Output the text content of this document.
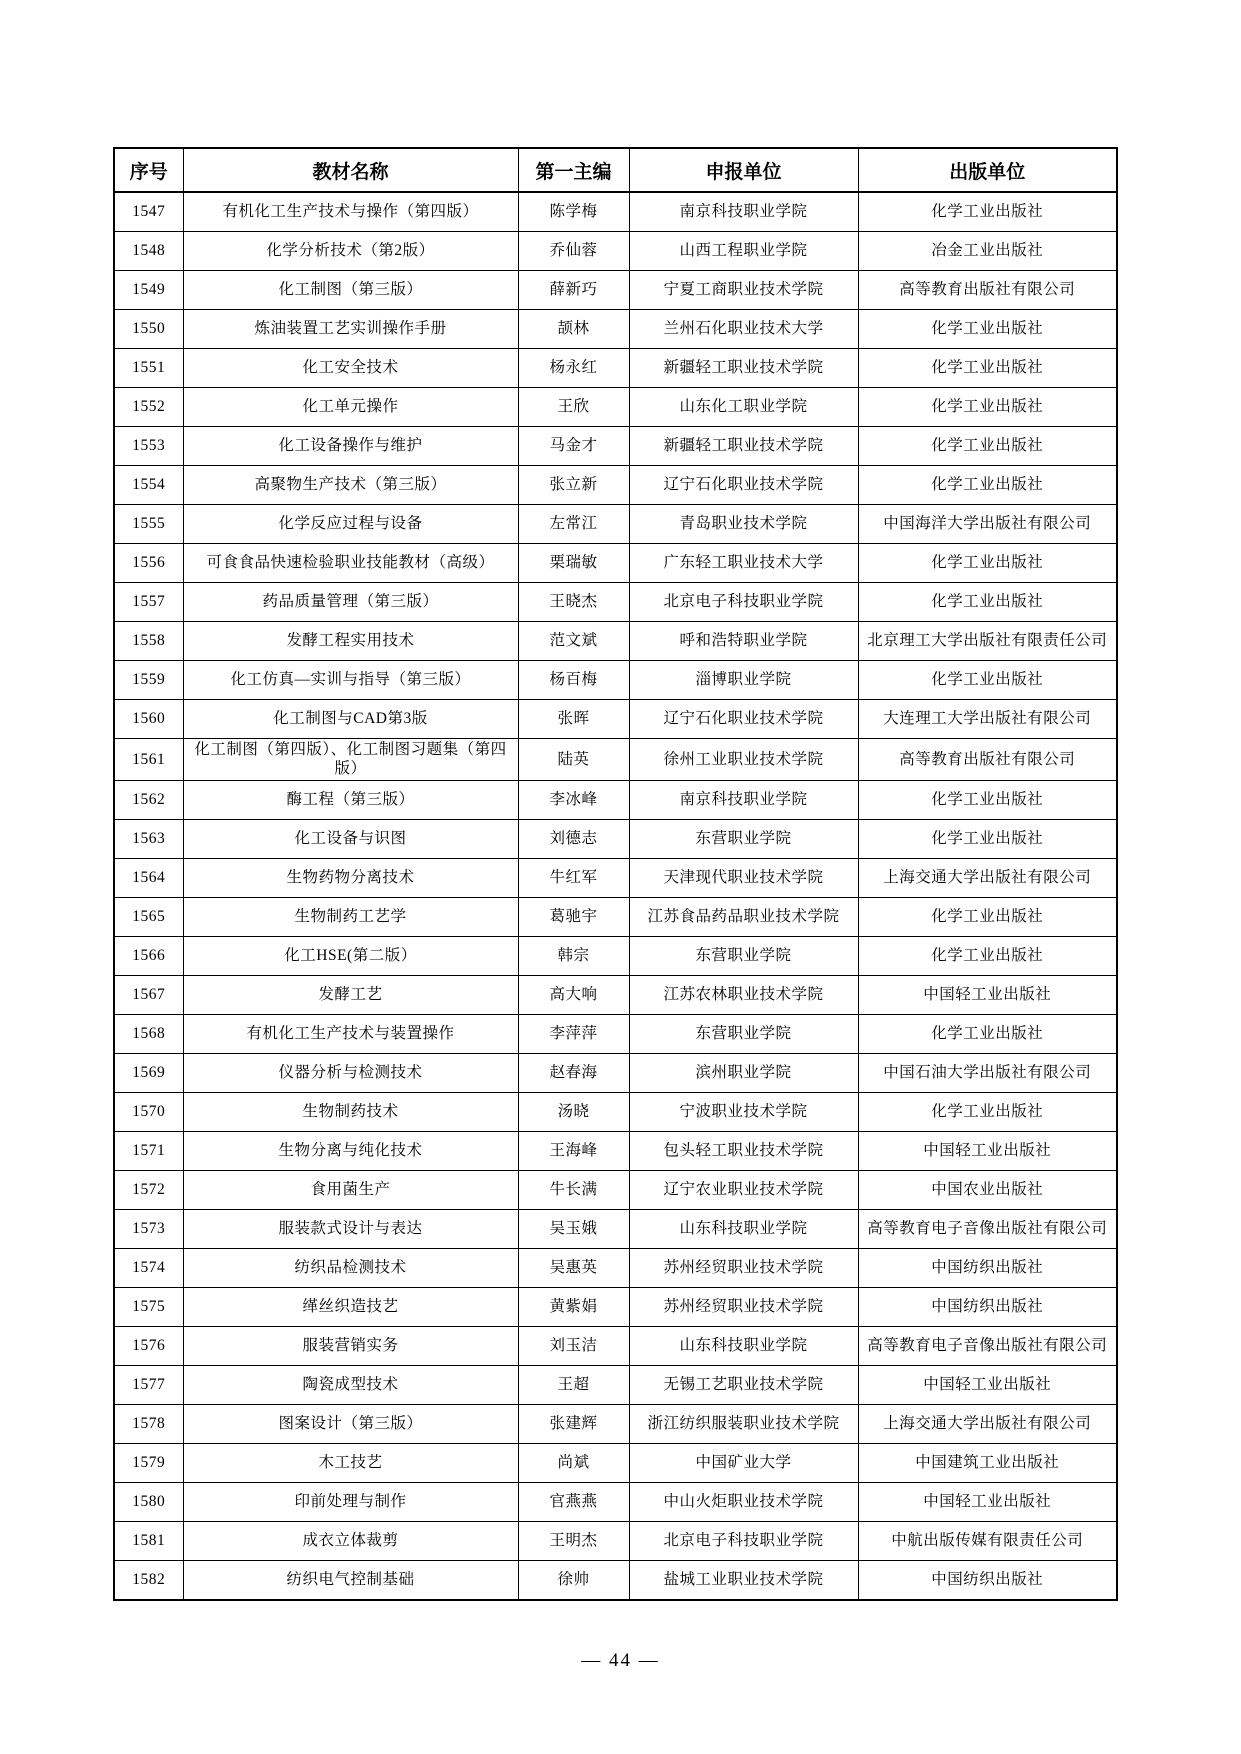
序号	教材名称	第一主编	申报单位	出版单位
1547	有机化工生产技术与操作（第四版）	陈学梅	南京科技职业学院	化学工业出版社
1548	化学分析技术（第2版）	乔仙蓉	山西工程职业学院	冶金工业出版社
1549	化工制图（第三版）	薛新巧	宁夏工商职业技术学院	高等教育出版社有限公司
1550	炼油装置工艺实训操作手册	颉林	兰州石化职业技术大学	化学工业出版社
1551	化工安全技术	杨永红	新疆轻工职业技术学院	化学工业出版社
1552	化工单元操作	王欣	山东化工职业学院	化学工业出版社
1553	化工设备操作与维护	马金才	新疆轻工职业技术学院	化学工业出版社
1554	高聚物生产技术（第三版）	张立新	辽宁石化职业技术学院	化学工业出版社
1555	化学反应过程与设备	左常江	青岛职业技术学院	中国海洋大学出版社有限公司
1556	可食食品快速检验职业技能教材（高级）	栗瑞敏	广东轻工职业技术大学	化学工业出版社
1557	药品质量管理（第三版）	王晓杰	北京电子科技职业学院	化学工业出版社
1558	发酵工程实用技术	范文斌	呼和浩特职业学院	北京理工大学出版社有限责任公司
1559	化工仿真—实训与指导（第三版）	杨百梅	淄博职业学院	化学工业出版社
1560	化工制图与CAD第3版	张晖	辽宁石化职业技术学院	大连理工大学出版社有限公司
1561	化工制图（第四版）、化工制图习题集（第四版）	陆英	徐州工业职业技术学院	高等教育出版社有限公司
1562	酶工程（第三版）	李冰峰	南京科技职业学院	化学工业出版社
1563	化工设备与识图	刘德志	东营职业学院	化学工业出版社
1564	生物药物分离技术	牛红军	天津现代职业技术学院	上海交通大学出版社有限公司
1565	生物制药工艺学	葛驰宇	江苏食品药品职业技术学院	化学工业出版社
1566	化工HSE(第二版）	韩宗	东营职业学院	化学工业出版社
1567	发酵工艺	高大响	江苏农林职业技术学院	中国轻工业出版社
1568	有机化工生产技术与装置操作	李萍萍	东营职业学院	化学工业出版社
1569	仪器分析与检测技术	赵春海	滨州职业学院	中国石油大学出版社有限公司
1570	生物制药技术	汤晓	宁波职业技术学院	化学工业出版社
1571	生物分离与纯化技术	王海峰	包头轻工职业技术学院	中国轻工业出版社
1572	食用菌生产	牛长满	辽宁农业职业技术学院	中国农业出版社
1573	服装款式设计与表达	吴玉娥	山东科技职业学院	高等教育电子音像出版社有限公司
1574	纺织品检测技术	吴惠英	苏州经贸职业技术学院	中国纺织出版社
1575	缂丝织造技艺	黄紫娟	苏州经贸职业技术学院	中国纺织出版社
1576	服装营销实务	刘玉洁	山东科技职业学院	高等教育电子音像出版社有限公司
1577	陶瓷成型技术	王超	无锡工艺职业技术学院	中国轻工业出版社
1578	图案设计（第三版）	张建辉	浙江纺织服装职业技术学院	上海交通大学出版社有限公司
1579	木工技艺	尚斌	中国矿业大学	中国建筑工业出版社
1580	印前处理与制作	官燕燕	中山火炬职业技术学院	中国轻工业出版社
1581	成衣立体裁剪	王明杰	北京电子科技职业学院	中航出版传媒有限责任公司
1582	纺织电气控制基础	徐帅	盐城工业职业技术学院	中国纺织出版社
— 44 —
